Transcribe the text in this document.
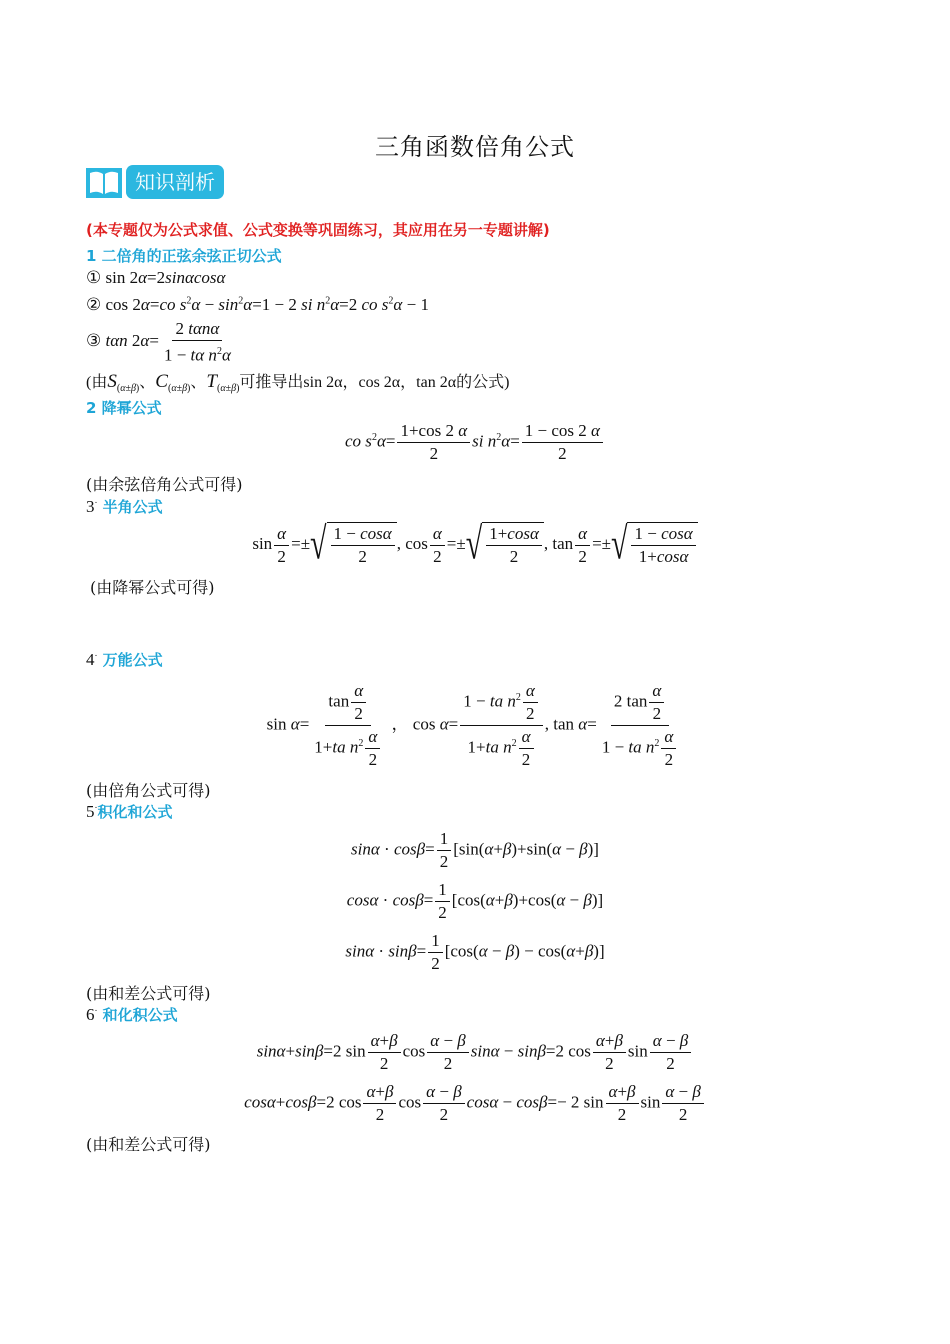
三角函数倍角公式
知识剖析
(本专题仅为公式求值、公式变换等巩固练习，其应用在另一专题讲解)
1 二倍角的正弦余弦正切公式
① sin 2α=2sinαcosα
② cos 2α=co $s^2\alpha - \sin^2\alpha=1 - 2$ si $n^2\alpha=2$ co $s^2\alpha - 1$
③ tαn $2\alpha= \frac{\text{2 tαnα}}{1 - t\alpha n^2\alpha}$
(由$S_{(\alpha\pm\beta)}$、$C_{(\alpha\pm\beta)}$、$T_{(\alpha\pm\beta)}$可推导出sin 2α，cos 2α，tan 2α的公式)
2 降幂公式
co $s^2\alpha= \frac{1+\cos 2 \alpha}{2}$ si $n^2\alpha= \frac{1 - \cos 2 \alpha}{2}$
(由余弦倍角公式可得)
3· 半角公式
$\sin \frac{\alpha}{2}$ =± √ $\frac{1 - \cos\alpha}{2}$ , $\cos \frac{\alpha}{2}$ =± √ $\frac{1+\cos\alpha}{2}$ , $\tan \frac{\alpha}{2}$ =± √ $\frac{1 - \cos\alpha}{1+\cos\alpha}$
(由降幂公式可得)
4· 万能公式
$\sin \alpha= \frac{\tan \frac{\alpha}{2}}{1+ta n^2 \frac{\alpha}{2}}$ ， $\cos \alpha= \frac{1 - ta n^2 \frac{\alpha}{2}}{1+ta n^2 \frac{\alpha}{2}}$ , $\tan \alpha= \frac{2 \tan \frac{\alpha}{2}}{1 - ta n^2 \frac{\alpha}{2}}$
(由倍角公式可得)
5·积化和公式
$\sin\alpha \cdot \cos\beta= \frac{1}{2} [\sin(\alpha+\beta)+\sin(\alpha - \beta)]$
$\cos\alpha \cdot \cos\beta= \frac{1}{2} [\cos(\alpha+\beta)+\cos(\alpha - \beta)]$
$\sin\alpha \cdot \sin\beta= \frac{1}{2} [\cos(\alpha - \beta) - \cos(\alpha+\beta)]$
(由和差公式可得)
6· 和化积公式
sinα+sinβ=2 $\sin \frac{\alpha+\beta}{2}$ $\cos \frac{\alpha - \beta}{2}$ sinα − sinβ=2 $\cos \frac{\alpha+\beta}{2}$ $\sin \frac{\alpha - \beta}{2}$
cosα+cosβ=2 $\cos \frac{\alpha+\beta}{2}$ $\cos \frac{\alpha - \beta}{2}$ cosα − cosβ=− 2 $\sin \frac{\alpha+\beta}{2}$ $\sin \frac{\alpha - \beta}{2}$
(由和差公式可得)
